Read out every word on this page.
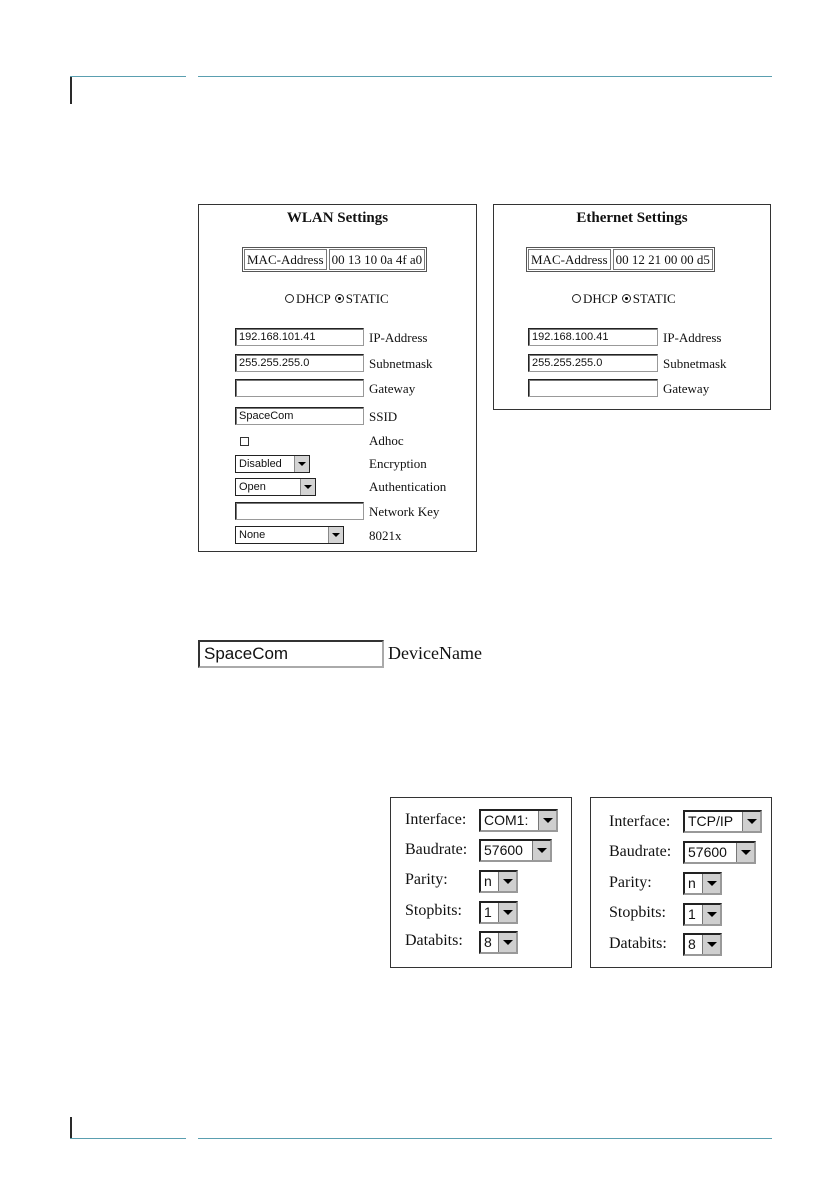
WLAN Settings
MAC-Address 00 13 10 0a 4f a0
DHCP STATIC
192.168.101.41	IP-Address
255.255.255.0	Subnetmask
Gateway
SpaceCom	SSID
Adhoc
Disabled	Encryption
Open	Authentication
Network Key
None	8021x
Ethernet Settings
MAC-Address 00 12 21 00 00 d5
DHCP STATIC
192.168.100.41	IP-Address
255.255.255.0	Subnetmask
Gateway
SpaceCom	DeviceName
Interface:	COM1:
Baudrate:	57600
Parity:	n
Stopbits:	1
Databits:	8
Interface:	TCP/IP
Baudrate:	57600
Parity:	n
Stopbits:	1
Databits:	8
